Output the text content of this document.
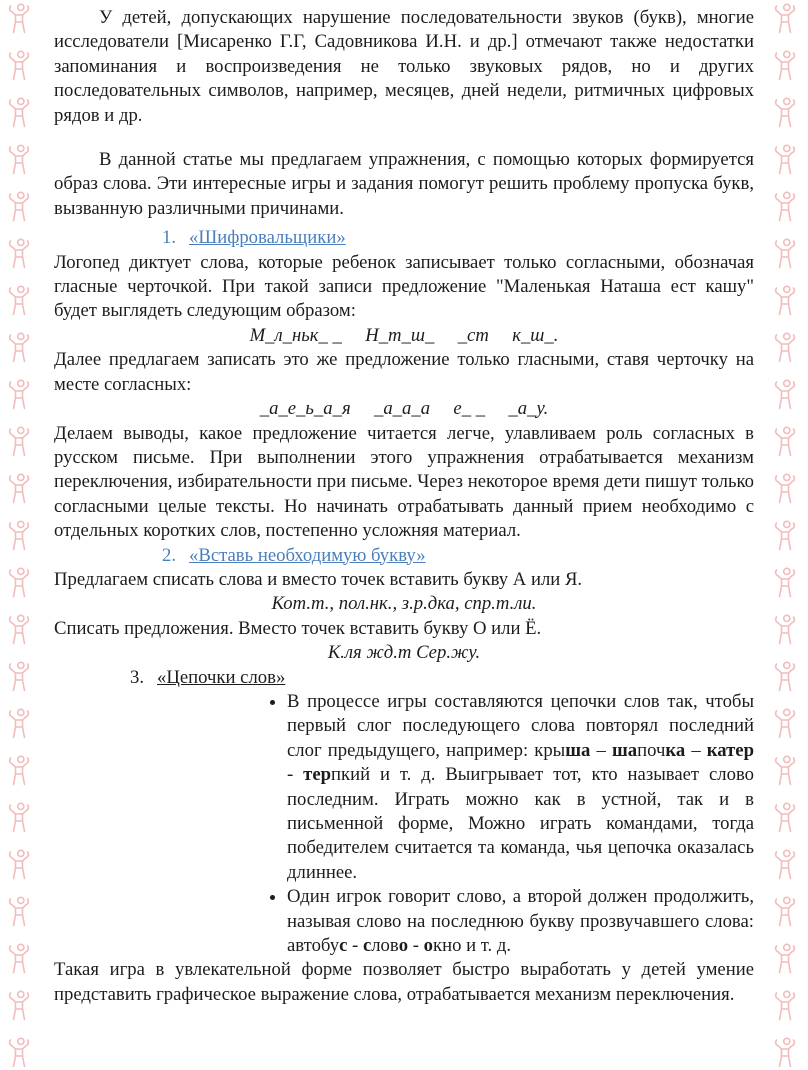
У детей, допускающих нарушение последовательности звуков (букв), многие исследователи [Мисаренко Г.Г, Садовникова И.Н. и др.] отмечают также недостатки запоминания и воспроизведения не только звуковых рядов, но и других последовательных символов, например, месяцев, дней недели, ритмичных цифровых рядов и др.

В данной статье мы предлагаем упражнения, с помощью которых формируется образ слова. Эти интересные игры и задания помогут решить проблему пропуска букв, вызванную различными причинами.

1. «Шифровальщики»

Логопед диктует слова, которые ребенок записывает только согласными, обозначая гласные черточкой. При такой записи предложение "Маленькая Наташа ест кашу" будет выглядеть следующим образом:

М_л_ньк_ _     Н_т_ш_     _ст     к_ш_.

Далее предлагаем записать это же предложение только гласными, ставя черточку на месте согласных:

_а_е_ь_а_я     _а_а_а     е_ _     _а_у.

Делаем выводы, какое предложение читается легче, улавливаем роль согласных в русском письме. При выполнении этого упражнения отрабатывается механизм переключения, избирательности при письме. Через некоторое время дети пишут только согласными целые тексты. Но начинать отрабатывать данный прием необходимо с отдельных коротких слов, постепенно усложняя материал.

2. «Вставь необходимую букву»

Предлагаем списать слова и вместо точек вставить букву А или Я.

Кот.т., пол.нк., з.р.дка, спр.т.ли.

Списать предложения. Вместо точек вставить букву О или Ё.

К.ля жд.т Сер.жу.

3. «Цепочки слов»

• В процессе игры составляются цепочки слов так, чтобы первый слог последующего слова повторял последний слог предыдущего, например: крыша – шапочка – катер - терпкий и т. д. Выигрывает тот, кто называет слово последним. Играть можно как в устной, так и в письменной форме, Можно играть командами, тогда победителем считается та команда, чья цепочка оказалась длиннее.
• Один игрок говорит слово, а второй должен продолжить, называя слово на последнюю букву прозвучавшего слова: автобус - слово - окно и т. д.

Такая игра в увлекательной форме позволяет быстро выработать у детей умение представить графическое выражение слова, отрабатывается механизм переключения.
